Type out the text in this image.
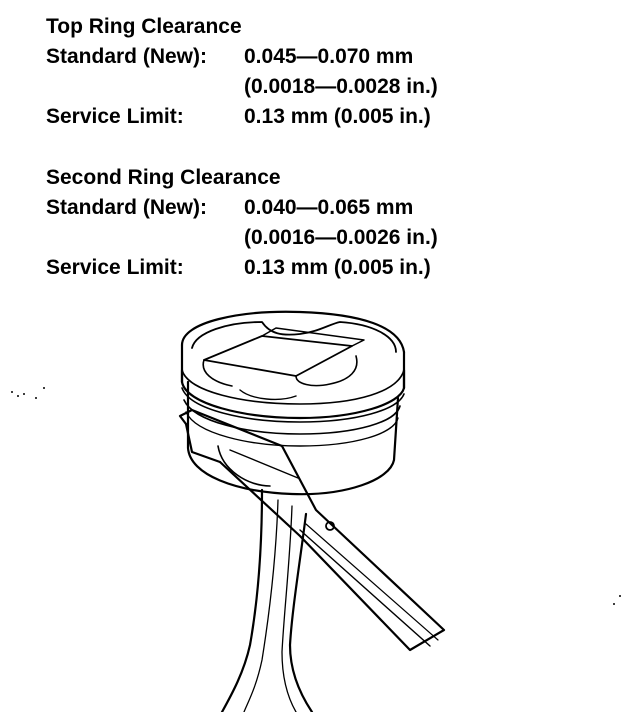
Top Ring Clearance
Standard (New): 0.045—0.070 mm
(0.0018—0.0028 in.)
Service Limit:	0.13 mm (0.005 in.)
Second Ring Clearance
Standard (New): 0.040—0.065 mm
(0.0016—0.0026 in.)
Service Limit:	0.13 mm (0.005 in.)
